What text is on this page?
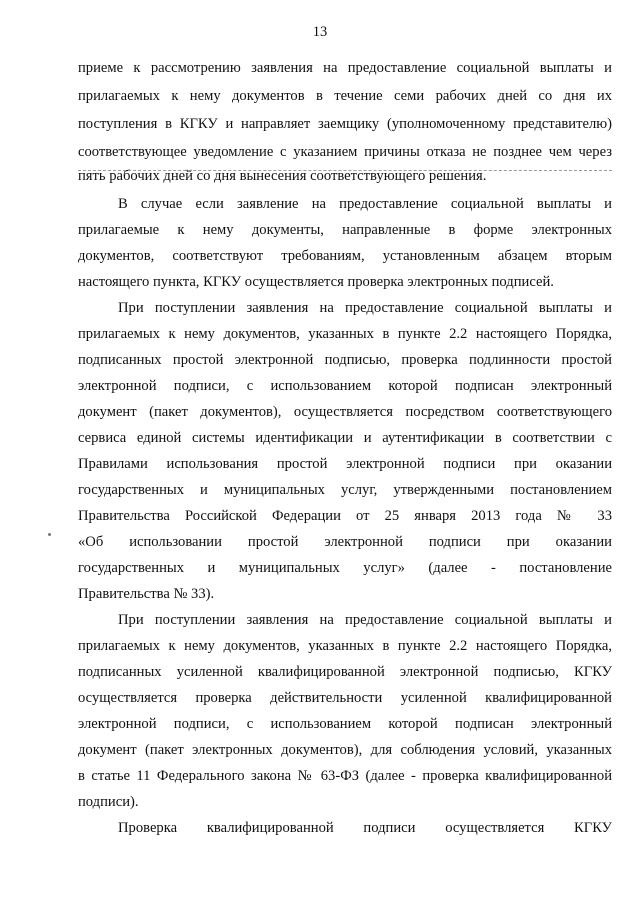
13
приеме к рассмотрению заявления на предоставление социальной выплаты и
прилагаемых к нему документов в течение семи рабочих дней со дня их
поступления в КГКУ и направляет заемщику (уполномоченному представителю)
соответствующее уведомление с указанием причины отказа не позднее чем через
пять рабочих дней со дня вынесения соответствующего решения.
В случае если заявление на предоставление социальной выплаты и
прилагаемые к нему документы, направленные в форме электронных
документов, соответствуют требованиям, установленным абзацем вторым
настоящего пункта, КГКУ осуществляется проверка электронных подписей.
При поступлении заявления на предоставление социальной выплаты и
прилагаемых к нему документов, указанных в пункте 2.2 настоящего Порядка,
подписанных простой электронной подписью, проверка подлинности простой
электронной подписи, с использованием которой подписан электронный
документ (пакет документов), осуществляется посредством соответствующего
сервиса единой системы идентификации и аутентификации в соответствии с
Правилами использования простой электронной подписи при оказании
государственных и муниципальных услуг, утвержденными постановлением
Правительства Российской Федерации от 25 января 2013 года № 33
«Об использовании простой электронной подписи при оказании
государственных и муниципальных услуг» (далее - постановление
Правительства № 33).
При поступлении заявления на предоставление социальной выплаты и
прилагаемых к нему документов, указанных в пункте 2.2 настоящего Порядка,
подписанных усиленной квалифицированной электронной подписью, КГКУ
осуществляется проверка действительности усиленной квалифицированной
электронной подписи, с использованием которой подписан электронный
документ (пакет электронных документов), для соблюдения условий, указанных
в статье 11 Федерального закона № 63-ФЗ (далее - проверка квалифицированной
подписи).
Проверка квалифицированной подписи осуществляется КГКУ
